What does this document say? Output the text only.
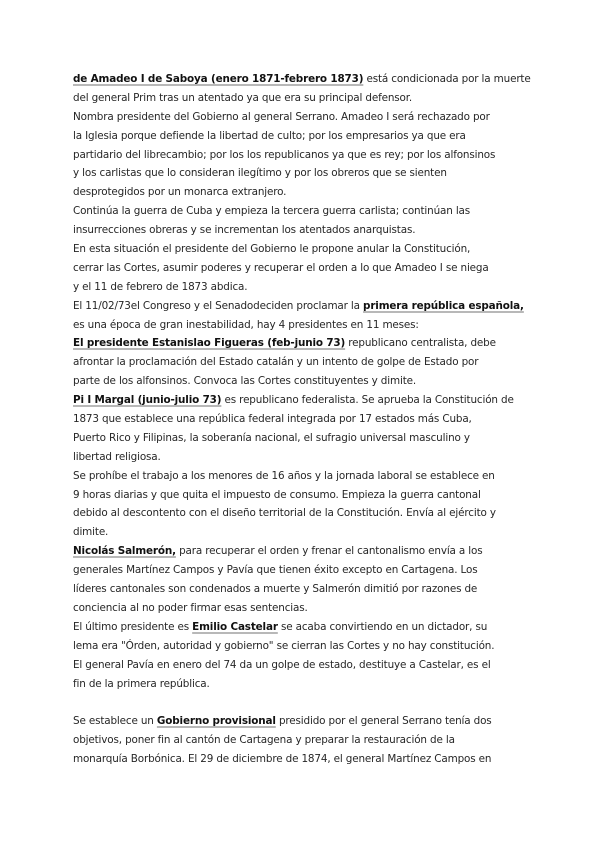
de Amadeo I de Saboya (enero 1871-febrero 1873) está condicionada por la muerte
del general Prim tras un atentado ya que era su principal defensor.
Nombra presidente del Gobierno al general Serrano. Amadeo I será rechazado por
la Iglesia porque defiende la libertad de culto; por los empresarios ya que era
partidario del librecambio; por los los republicanos ya que es rey; por los alfonsinos
y los carlistas que lo consideran ilegítimo y por los obreros que se sienten
desprotegidos por un monarca extranjero.
Continúa la guerra de Cuba y empieza la tercera guerra carlista; continúan las
insurrecciones obreras y se incrementan los atentados anarquistas.
En esta situación el presidente del Gobierno le propone anular la Constitución,
cerrar las Cortes, asumir poderes y recuperar el orden a lo que Amadeo I se niega
y el 11 de febrero de 1873 abdica.
El 11/02/73el Congreso y el Senadodeciden proclamar la primera república española,
es una época de gran inestabilidad, hay 4 presidentes en 11 meses:
El presidente Estanislao Figueras (feb-junio 73) republicano centralista, debe
afrontar la proclamación del Estado catalán y un intento de golpe de Estado por
parte de los alfonsinos. Convoca las Cortes constituyentes y dimite.
Pi I Margal (junio-julio 73) es republicano federalista. Se aprueba la Constitución de
1873 que establece una república federal integrada por 17 estados más Cuba,
Puerto Rico y Filipinas, la soberanía nacional, el sufragio universal masculino y
libertad religiosa.
Se prohíbe el trabajo a los menores de 16 años y la jornada laboral se establece en
9 horas diarias y que quita el impuesto de consumo. Empieza la guerra cantonal
debido al descontento con el diseño territorial de la Constitución. Envía al ejército y
dimite.
Nicolás Salmerón, para recuperar el orden y frenar el cantonalismo envía a los
generales Martínez Campos y Pavía que tienen éxito excepto en Cartagena. Los
líderes cantonales son condenados a muerte y Salmerón dimitió por razones de
conciencia al no poder firmar esas sentencias.
El último presidente es Emilio Castelar se acaba convirtiendo en un dictador, su
lema era "Órden, autoridad y gobierno" se cierran las Cortes y no hay constitución.
El general Pavía en enero del 74 da un golpe de estado, destituye a Castelar, es el
fin de la primera república.
Se establece un Gobierno provisional presidido por el general Serrano tenía dos
objetivos, poner fin al cantón de Cartagena y preparar la restauración de la
monarquía Borbónica. El 29 de diciembre de 1874, el general Martínez Campos en
